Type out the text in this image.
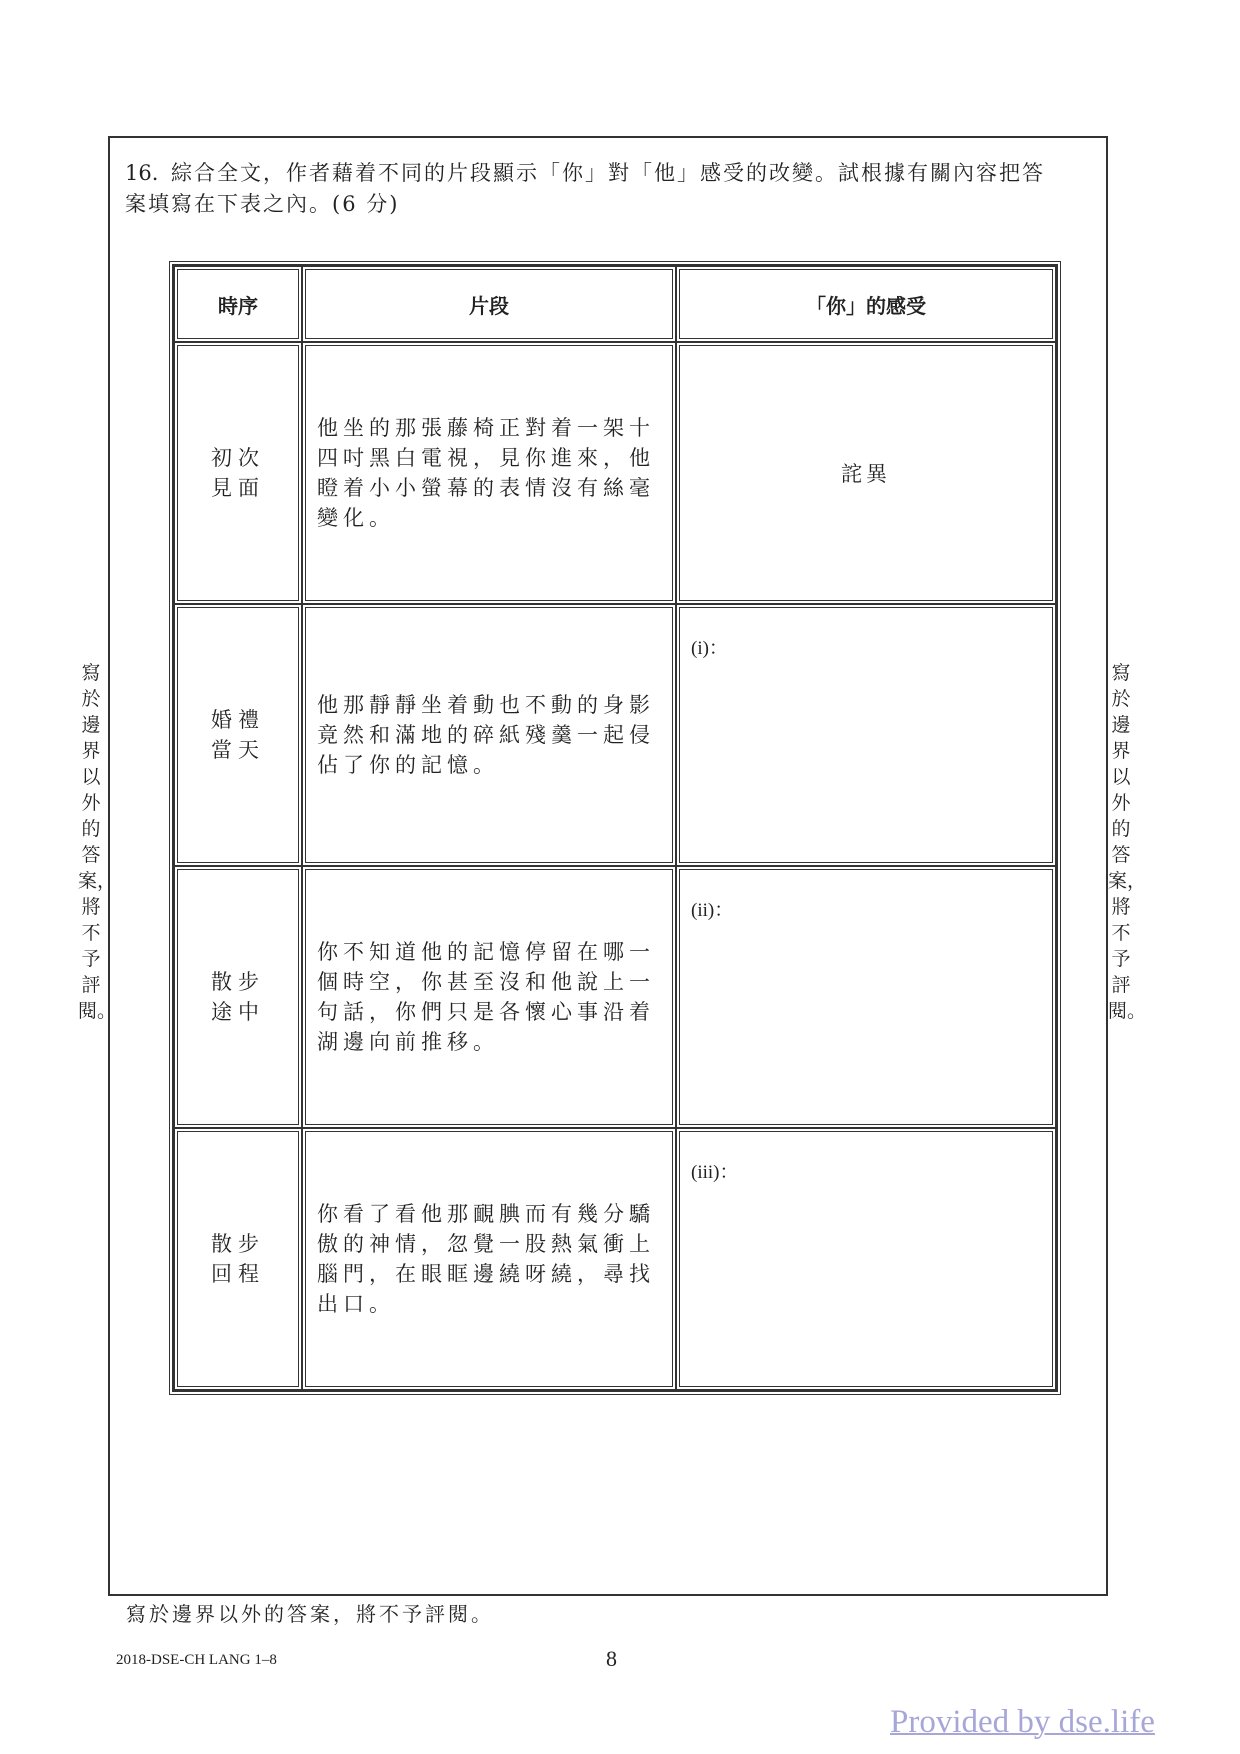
16. 綜合全文，作者藉着不同的片段顯示「你」對「他」感受的改變。試根據有關內容把答案填寫在下表之內。(6 分)
時序	片段	「你」的感受

初次
見面	他坐的那張藤椅正對着一架十四吋黑白電視，見你進來，他瞪着小小螢幕的表情沒有絲毫變化。	詫異

婚禮
當天	他那靜靜坐着動也不動的身影竟然和滿地的碎紙殘羹一起侵佔了你的記憶。	(i)：

散步
途中	你不知道他的記憶停留在哪一個時空，你甚至沒和他說上一句話，你們只是各懷心事沿着湖邊向前推移。	(ii)：

散步
回程	你看了看他那靦腆而有幾分驕傲的神情，忽覺一股熱氣衝上腦門，在眼眶邊繞呀繞，尋找出口。	(iii)：
寫於邊界以外的答案，將不予評閱。
寫於邊界以外的答案，將不予評閱。
寫於邊界以外的答案，將不予評閱。
2018-DSE-CH LANG 1–8	8
Provided by dse.life
